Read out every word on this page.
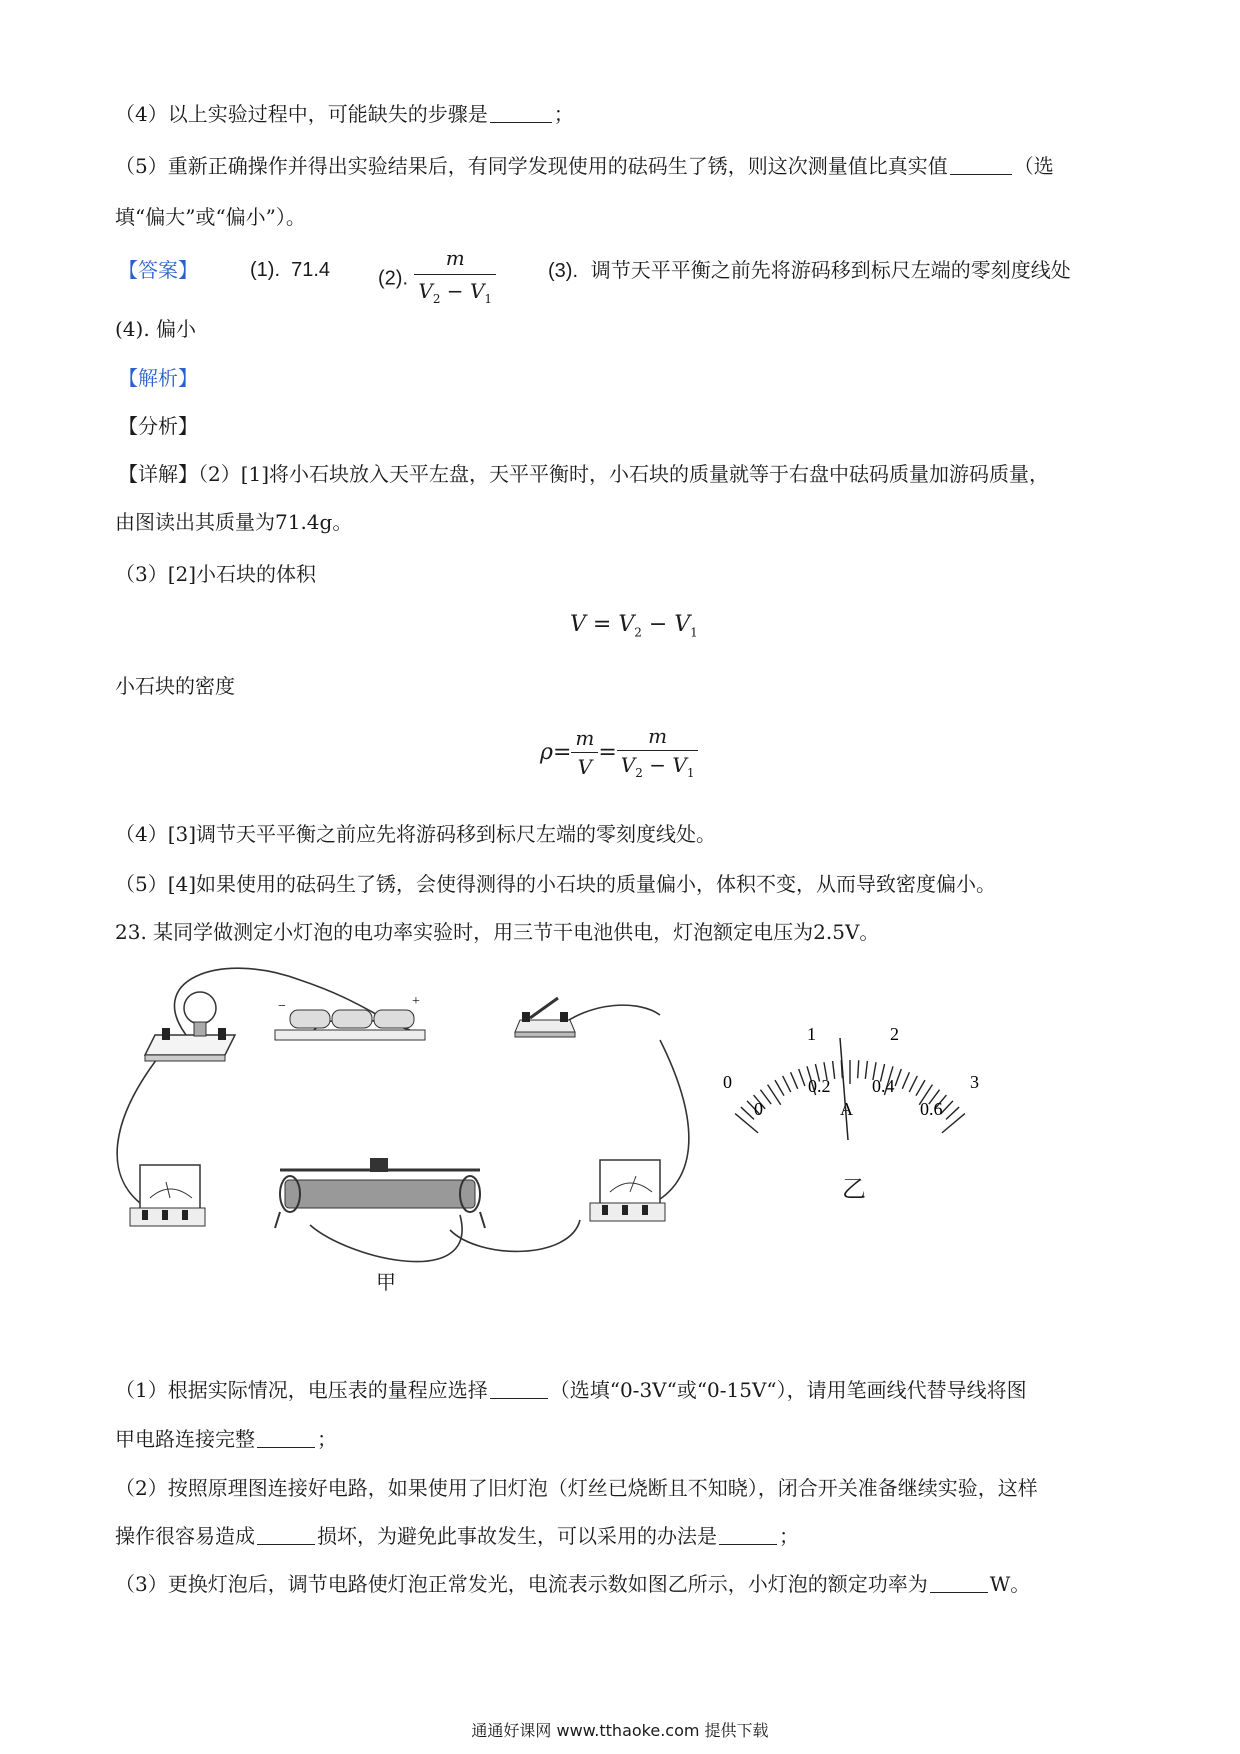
（4）以上实验过程中，可能缺失的步骤是	；
（5）重新正确操作并得出实验结果后，有同学发现使用的砝码生了锈，则这次测量值比真实值	（选
填“偏大”或“偏小”）。
【答案】	(1). 71.4 (2). $\frac{m}{V_2 - V_1}$	(3). 调节天平平衡之前先将游码移到标尺左端的零刻度线处
(4). 偏小
【解析】
【分析】
【详解】（2）[1]将小石块放入天平左盘，天平平衡时，小石块的质量就等于右盘中砝码质量加游码质量，
由图读出其质量为71.4g。
（3）[2]小石块的体积
$V = V_2 - V_1$
小石块的密度
$\rho = \frac{m}{V} = \frac{m}{V_2 - V_1}$
（4）[3]调节天平平衡之前应先将游码移到标尺左端的零刻度线处。
（5）[4]如果使用的砝码生了锈，会使得测得的小石块的质量偏小，体积不变，从而导致密度偏小。
23. 某同学做测定小灯泡的电功率实验时，用三节干电池供电，灯泡额定电压为2.5V。
−	+
0
1	2
3
0
0.2 0.4
0.6
A
甲
乙
（1）根据实际情况，电压表的量程应选择	（选填“0-3V“或“0-15V“），请用笔画线代替导线将图
甲电路连接完整	；
（2）按照原理图连接好电路，如果使用了旧灯泡（灯丝已烧断且不知晓），闭合开关准备继续实验，这样
操作很容易造成	损坏，为避免此事故发生，可以采用的办法是	；
（3）更换灯泡后，调节电路使灯泡正常发光，电流表示数如图乙所示，小灯泡的额定功率为	W。
通通好课网 www.tthaoke.com 提供下载
